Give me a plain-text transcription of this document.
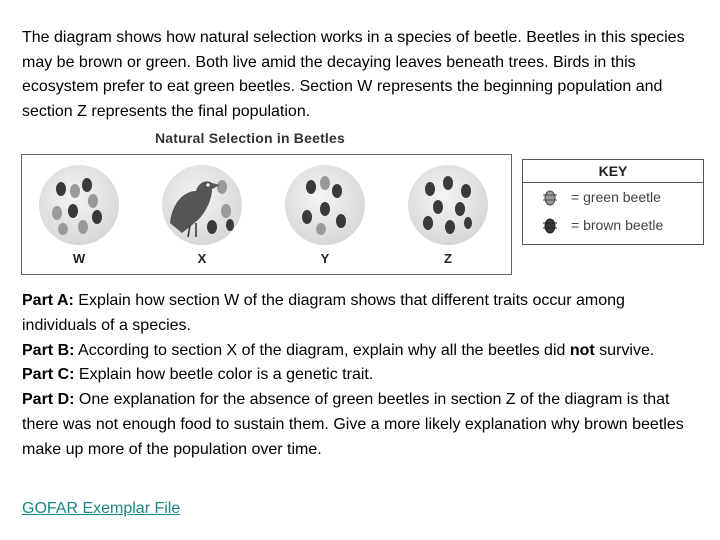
The diagram shows how natural selection works in a species of beetle. Beetles in this species may be brown or green. Both live amid the decaying leaves beneath trees. Birds in this ecosystem prefer to eat green beetles. Section W represents the beginning population and section Z represents the final population.

Natural Selection in Beetles
W	X	Y	Z
KEY
= green beetle
= brown beetle

Part A: Explain how section W of the diagram shows that different traits occur among individuals of a species.

Part B: According to section X of the diagram, explain why all the beetles did not survive.

Part C: Explain how beetle color is a genetic trait.

Part D: One explanation for the absence of green beetles in section Z of the diagram is that there was not enough food to sustain them. Give a more likely explanation why brown beetles make up more of the population over time.

GOFAR Exemplar File
